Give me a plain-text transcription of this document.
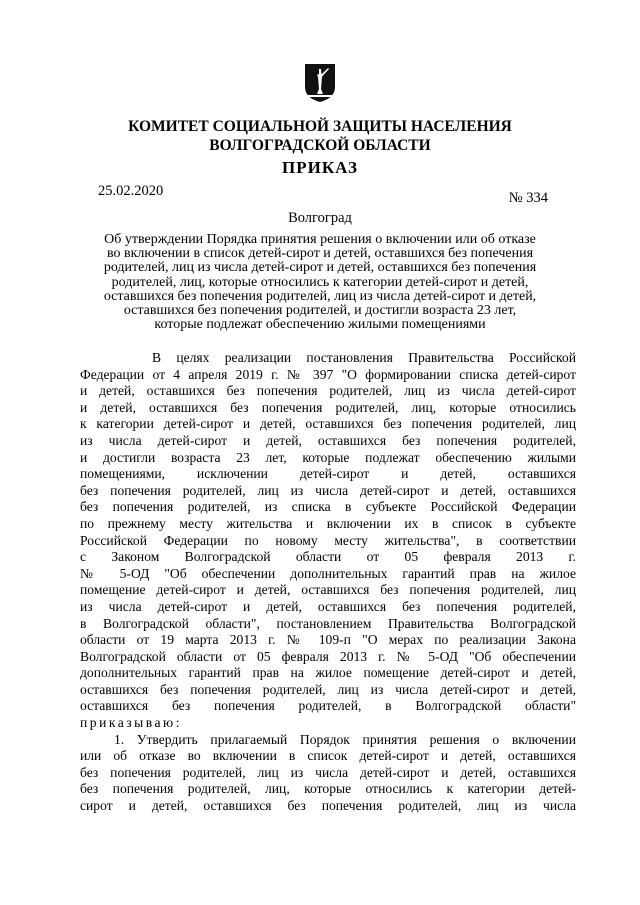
КОМИТЕТ СОЦИАЛЬНОЙ ЗАЩИТЫ НАСЕЛЕНИЯ
ВОЛГОГРАДСКОЙ ОБЛАСТИ
ПРИКАЗ
25.02.2020	№ 334
Волгоград
Об утверждении Порядка принятия решения о включении или об отказе
во включении в список детей-сирот и детей, оставшихся без попечения
родителей, лиц из числа детей-сирот и детей, оставшихся без попечения
родителей, лиц, которые относились к категории детей-сирот и детей,
оставшихся без попечения родителей, лиц из числа детей-сирот и детей,
оставшихся без попечения родителей, и достигли возраста 23 лет,
которые подлежат обеспечению жилыми помещениями
В целях реализации постановления Правительства Российской
Федерации от 4 апреля 2019 г. № 397 "О формировании списка детей-сирот
и детей, оставшихся без попечения родителей, лиц из числа детей-сирот
и детей, оставшихся без попечения родителей, лиц, которые относились
к категории детей-сирот и детей, оставшихся без попечения родителей, лиц
из числа детей-сирот и детей, оставшихся без попечения родителей,
и достигли возраста 23 лет, которые подлежат обеспечению жилыми
помещениями, исключении детей-сирот и детей, оставшихся
без попечения родителей, лиц из числа детей-сирот и детей, оставшихся
без попечения родителей, из списка в субъекте Российской Федерации
по прежнему месту жительства и включении их в список в субъекте
Российской Федерации по новому месту жительства", в соответствии
с Законом Волгоградской области от 05 февраля 2013 г.
№ 5-ОД "Об обеспечении дополнительных гарантий прав на жилое
помещение детей-сирот и детей, оставшихся без попечения родителей, лиц
из числа детей-сирот и детей, оставшихся без попечения родителей,
в Волгоградской области", постановлением Правительства Волгоградской
области от 19 марта 2013 г. № 109-п "О мерах по реализации Закона
Волгоградской области от 05 февраля 2013 г. № 5-ОД "Об обеспечении
дополнительных гарантий прав на жилое помещение детей-сирот и детей,
оставшихся без попечения родителей, лиц из числа детей-сирот и детей,
оставшихся без попечения родителей, в Волгоградской области"
приказываю:
1. Утвердить прилагаемый Порядок принятия решения о включении
или об отказе во включении в список детей-сирот и детей, оставшихся
без попечения родителей, лиц из числа детей-сирот и детей, оставшихся
без попечения родителей, лиц, которые относились к категории детей-
сирот и детей, оставшихся без попечения родителей, лиц из числа
